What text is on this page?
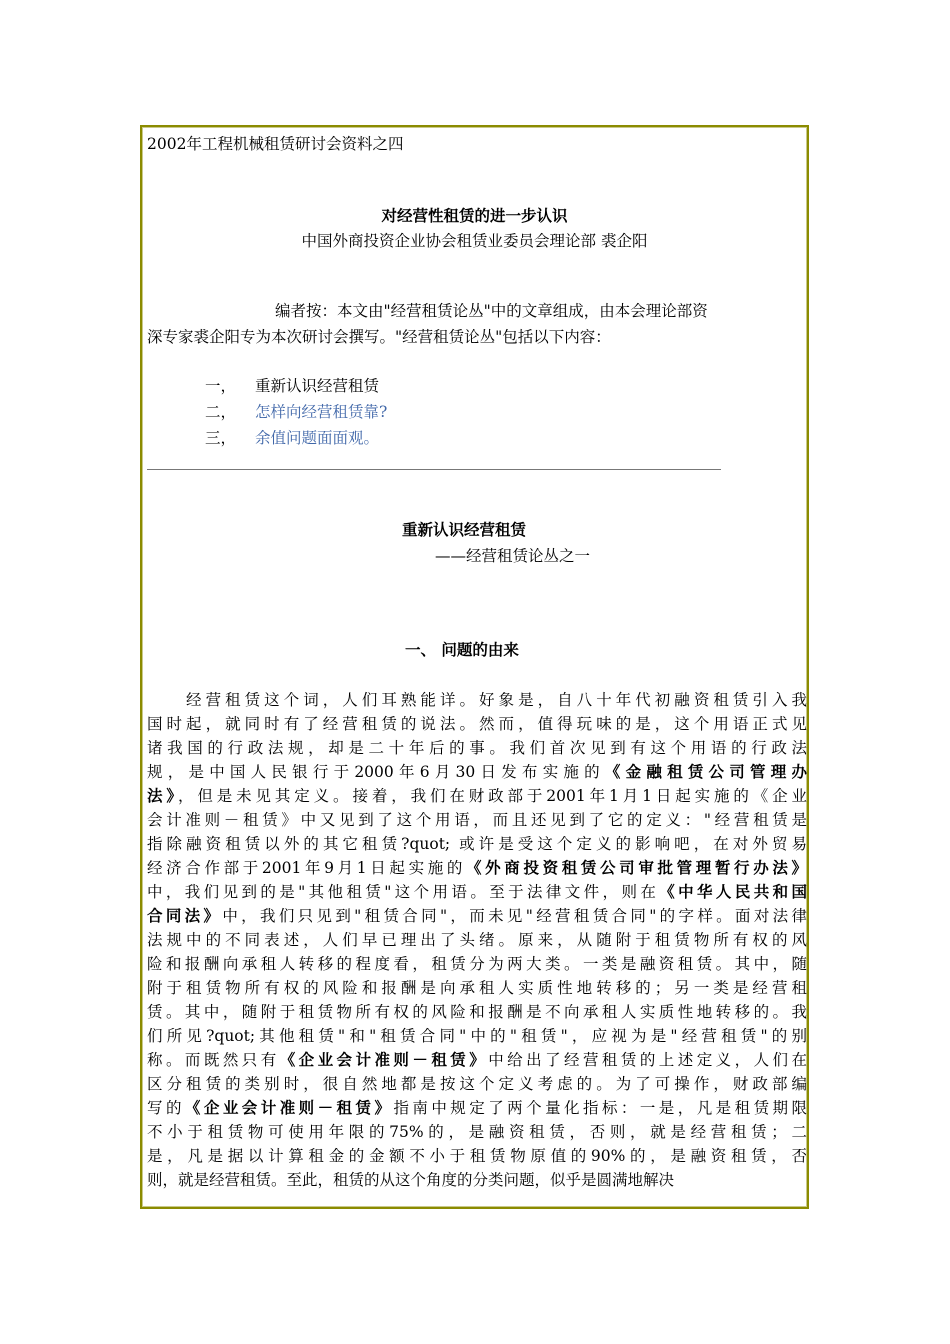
2002年工程机械租赁研讨会资料之四
对经营性租赁的进一步认识
中国外商投资企业协会租赁业委员会理论部 裘企阳
编者按：本文由"经营租赁论丛"中的文章组成，由本会理论部资
深专家裘企阳专为本次研讨会撰写。"经营租赁论丛"包括以下内容：
一， 重新认识经营租赁
二， 怎样向经营租赁靠?
三， 余值问题面面观。
重新认识经营租赁
——经营租赁论丛之一
一、 问题的由来
　　经营租赁这个词，人们耳熟能详。好象是，自八十年代初融资租赁引入我
国时起，就同时有了经营租赁的说法。然而，值得玩味的是，这个用语正式见
诸我国的行政法规，却是二十年后的事。我们首次见到有这个用语的行政法
规，是中国人民银行于2000年6月30日发布实施的《金融租赁公司管理办
法》，但是未见其定义。接着，我们在财政部于2001年1月1日起实施的《企业
会计准则－租赁》中又见到了这个用语，而且还见到了它的定义："经营租赁是
指除融资租赁以外的其它租赁?quot; 或许是受这个定义的影响吧，在对外贸易
经济合作部于2001年9月1日起实施的《外商投资租赁公司审批管理暂行办法》
中，我们见到的是"其他租赁"这个用语。至于法律文件，则在《中华人民共和国
合同法》中，我们只见到"租赁合同"，而未见"经营租赁合同"的字样。面对法律
法规中的不同表述，人们早已理出了头绪。原来，从随附于租赁物所有权的风
险和报酬向承租人转移的程度看，租赁分为两大类。一类是融资租赁。其中，随
附于租赁物所有权的风险和报酬是向承租人实质性地转移的；另一类是经营租
赁。其中，随附于租赁物所有权的风险和报酬是不向承租人实质性地转移的。我
们所见?quot;其他租赁"和"租赁合同"中的"租赁"，应视为是"经营租赁"的别
称。而既然只有《企业会计准则－租赁》中给出了经营租赁的上述定义，人们在
区分租赁的类别时，很自然地都是按这个定义考虑的。为了可操作，财政部编
写的《企业会计准则－租赁》指南中规定了两个量化指标：一是，凡是租赁期限
不小于租赁物可使用年限的75%的，是融资租赁，否则，就是经营租赁；二
是，凡是据以计算租金的金额不小于租赁物原值的90%的，是融资租赁，否
则，就是经营租赁。至此，租赁的从这个角度的分类问题，似乎是圆满地解决
